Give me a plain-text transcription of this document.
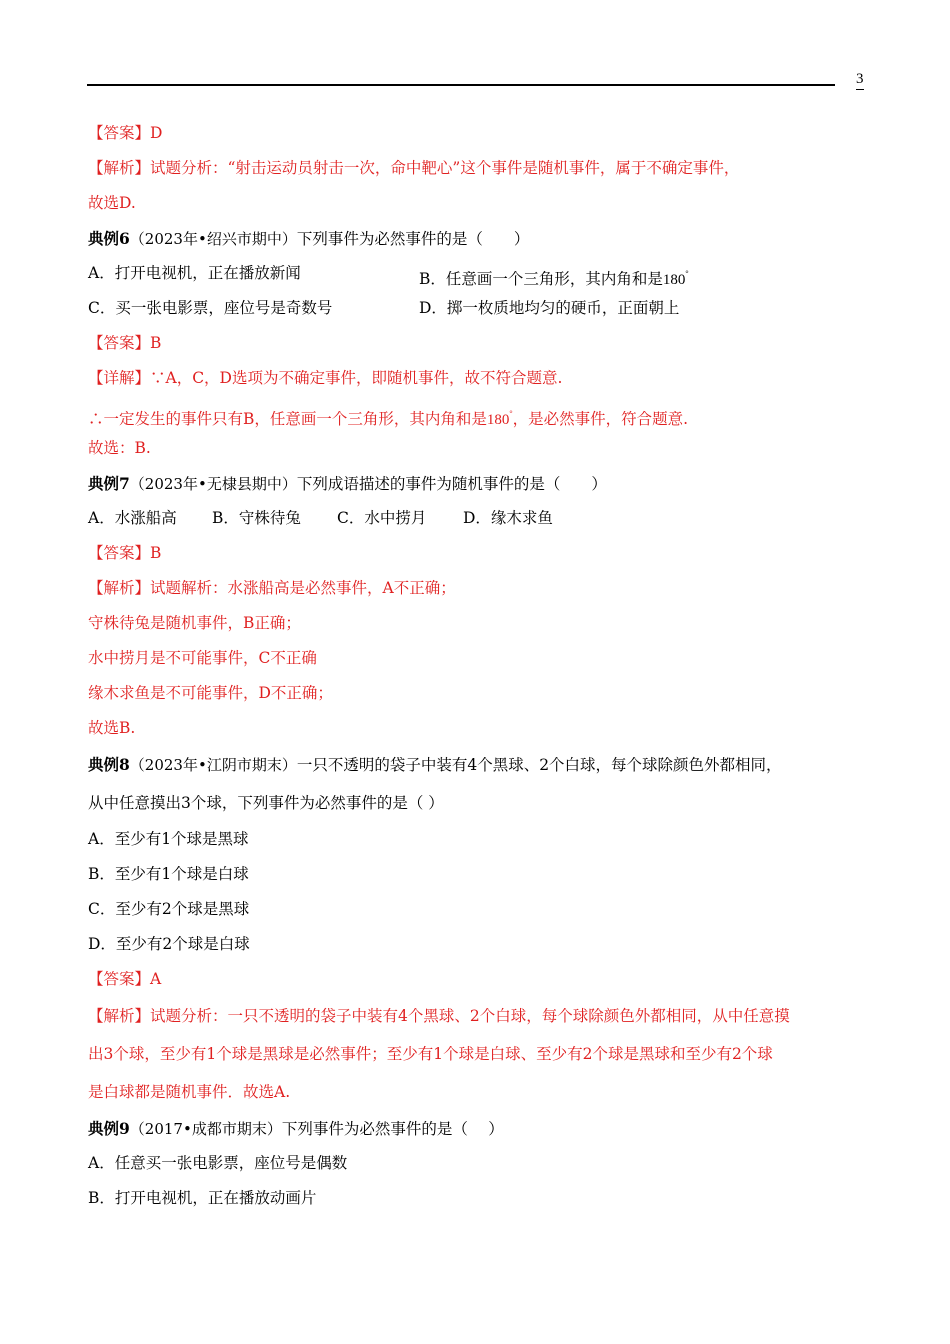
3
【答案】D
【解析】试题分析：“射击运动员射击一次，命中靶心”这个事件是随机事件，属于不确定事件，
故选D.
典例6（2023年•绍兴市期中）下列事件为必然事件的是（　　）
A．打开电视机，正在播放新闻	B．任意画一个三角形，其内角和是180°
C．买一张电影票，座位号是奇数号	D．掷一枚质地均匀的硬币，正面朝上
【答案】B
【详解】∵A，C，D选项为不确定事件，即随机事件，故不符合题意.
∴一定发生的事件只有B，任意画一个三角形，其内角和是180°，是必然事件，符合题意.
故选：B.
典例7（2023年•无棣县期中）下列成语描述的事件为随机事件的是（　　）
A．水涨船高 B．守株待兔 C．水中捞月 D．缘木求鱼
【答案】B
【解析】试题解析：水涨船高是必然事件，A不正确；
守株待兔是随机事件，B正确；
水中捞月是不可能事件，C不正确
缘木求鱼是不可能事件，D不正确；
故选B.
典例8（2023年•江阴市期末）一只不透明的袋子中装有4个黑球、2个白球，每个球除颜色外都相同，
从中任意摸出3个球，下列事件为必然事件的是（ ）
A．至少有1个球是黑球
B．至少有1个球是白球
C．至少有2个球是黑球
D．至少有2个球是白球
【答案】A
【解析】试题分析：一只不透明的袋子中装有4个黑球、2个白球，每个球除颜色外都相同，从中任意摸
出3个球，至少有1个球是黑球是必然事件；至少有1个球是白球、至少有2个球是黑球和至少有2个球
是白球都是随机事件．故选A.
典例9（2017•成都市期末）下列事件为必然事件的是（　 ）
A．任意买一张电影票，座位号是偶数
B．打开电视机，正在播放动画片
